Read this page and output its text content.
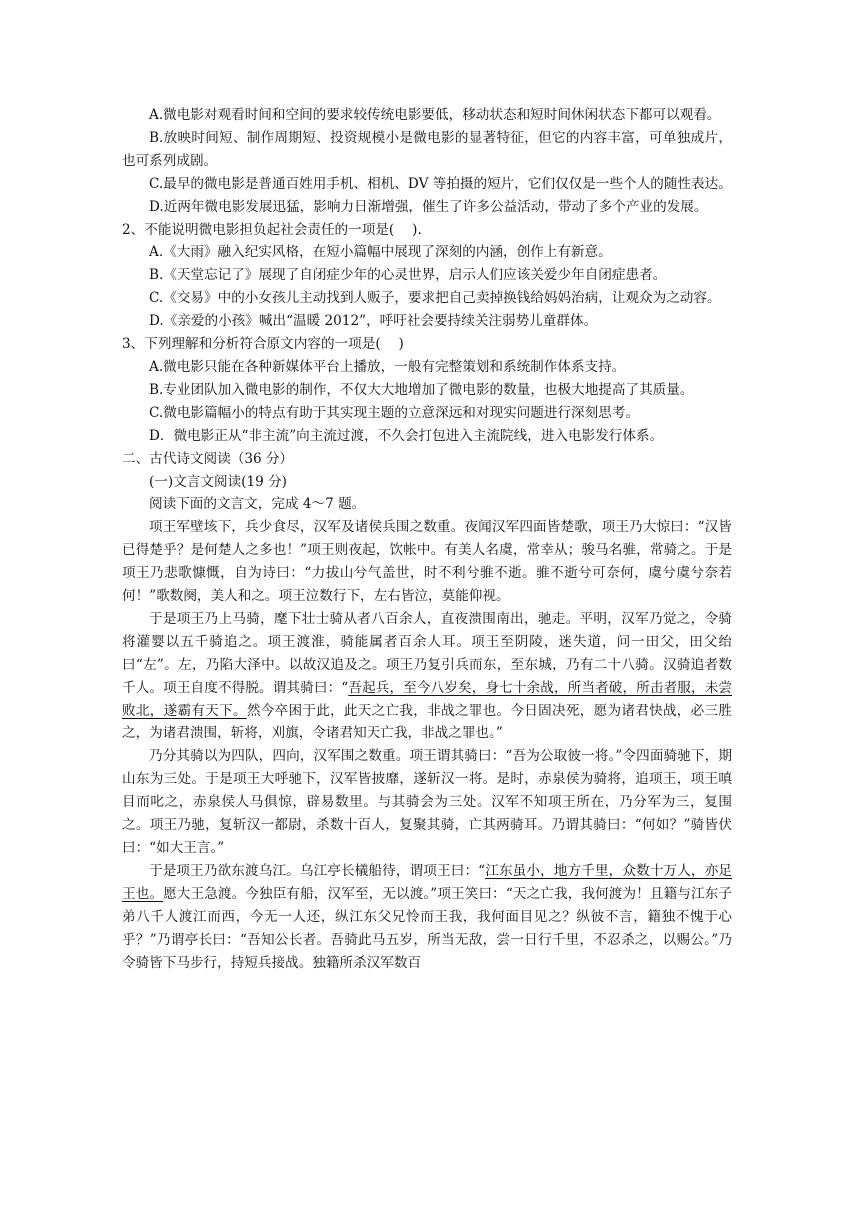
A.微电影对观看时间和空间的要求较传统电影要低，移动状态和短时间休闲状态下都可以观看。

B.放映时间短、制作周期短、投资规模小是微电影的显著特征，但它的内容丰富，可单独成片，也可系列成剧。

C.最早的微电影是普通百姓用手机、相机、DV 等拍摄的短片，它们仅仅是一些个人的随性表达。

D.近两年微电影发展迅猛，影响力日渐增强，催生了许多公益活动，带动了多个产业的发展。

2、不能说明微电影担负起社会责任的一项是(　 ).

A.《大雨》融入纪实风格，在短小篇幅中展现了深刻的内涵，创作上有新意。

B.《天堂忘记了》展现了自闭症少年的心灵世界，启示人们应该关爱少年自闭症患者。

C.《交易》中的小女孩儿主动找到人贩子，要求把自己卖掉换钱给妈妈治病，让观众为之动容。

D.《亲爱的小孩》喊出“温暖 2012”，呼吁社会要持续关注弱势儿童群体。

3、下列理解和分析符合原文内容的一项是(　 )

A.微电影只能在各种新媒体平台上播放，一般有完整策划和系统制作体系支持。

B.专业团队加入微电影的制作，不仅大大地增加了微电影的数量，也极大地提高了其质量。

C.微电影篇幅小的特点有助于其实现主题的立意深远和对现实问题进行深刻思考。

D．微电影正从“非主流”向主流过渡，不久会打包进入主流院线，进入电影发行体系。

二、古代诗文阅读（36 分）

(一)文言文阅读(19 分)

阅读下面的文言文，完成 4～7 题。

项王军壁垓下，兵少食尽，汉军及诸侯兵围之数重。夜闻汉军四面皆楚歌，项王乃大惊曰：“汉皆已得楚乎？是何楚人之多也！”项王则夜起，饮帐中。有美人名虞，常幸从；骏马名骓，常骑之。于是项王乃悲歌慷慨，自为诗曰：“力拔山兮气盖世，时不利兮骓不逝。骓不逝兮可奈何，虞兮虞兮奈若何！”歌数阕，美人和之。项王泣数行下，左右皆泣，莫能仰视。

于是项王乃上马骑，麾下壮士骑从者八百余人，直夜溃围南出，驰走。平明，汉军乃觉之，令骑将灌婴以五千骑追之。项王渡淮，骑能属者百余人耳。项王至阴陵，迷失道，问一田父，田父绐曰“左”。左，乃陷大泽中。以故汉追及之。项王乃复引兵而东，至东城，乃有二十八骑。汉骑追者数千人。项王自度不得脱。谓其骑曰：“吾起兵，至今八岁矣，身七十余战，所当者破，所击者服，未尝败北，遂霸有天下。然今卒困于此，此天之亡我，非战之罪也。今日固决死，愿为诸君快战，必三胜之，为诸君溃围，斩将，刈旗，令诸君知天亡我，非战之罪也。”

乃分其骑以为四队，四向，汉军围之数重。项王谓其骑曰：“吾为公取彼一将。”令四面骑驰下，期山东为三处。于是项王大呼驰下，汉军皆披靡，遂斩汉一将。是时，赤泉侯为骑将，追项王，项王嗔目而叱之，赤泉侯人马俱惊，辟易数里。与其骑会为三处。汉军不知项王所在，乃分军为三，复围之。项王乃驰，复斩汉一都尉，杀数十百人，复聚其骑，亡其两骑耳。乃谓其骑曰：“何如？”骑皆伏曰：“如大王言。”

于是项王乃欲东渡乌江。乌江亭长檥船待，谓项王曰：“江东虽小，地方千里，众数十万人，亦足王也。愿大王急渡。今独臣有船，汉军至，无以渡。”项王笑曰：“天之亡我，我何渡为！且籍与江东子弟八千人渡江而西，今无一人还，纵江东父兄怜而王我，我何面目见之？纵彼不言，籍独不愧于心乎？”乃谓亭长曰：“吾知公长者。吾骑此马五岁，所当无敌，尝一日行千里，不忍杀之，以赐公。”乃令骑皆下马步行，持短兵接战。独籍所杀汉军数百
